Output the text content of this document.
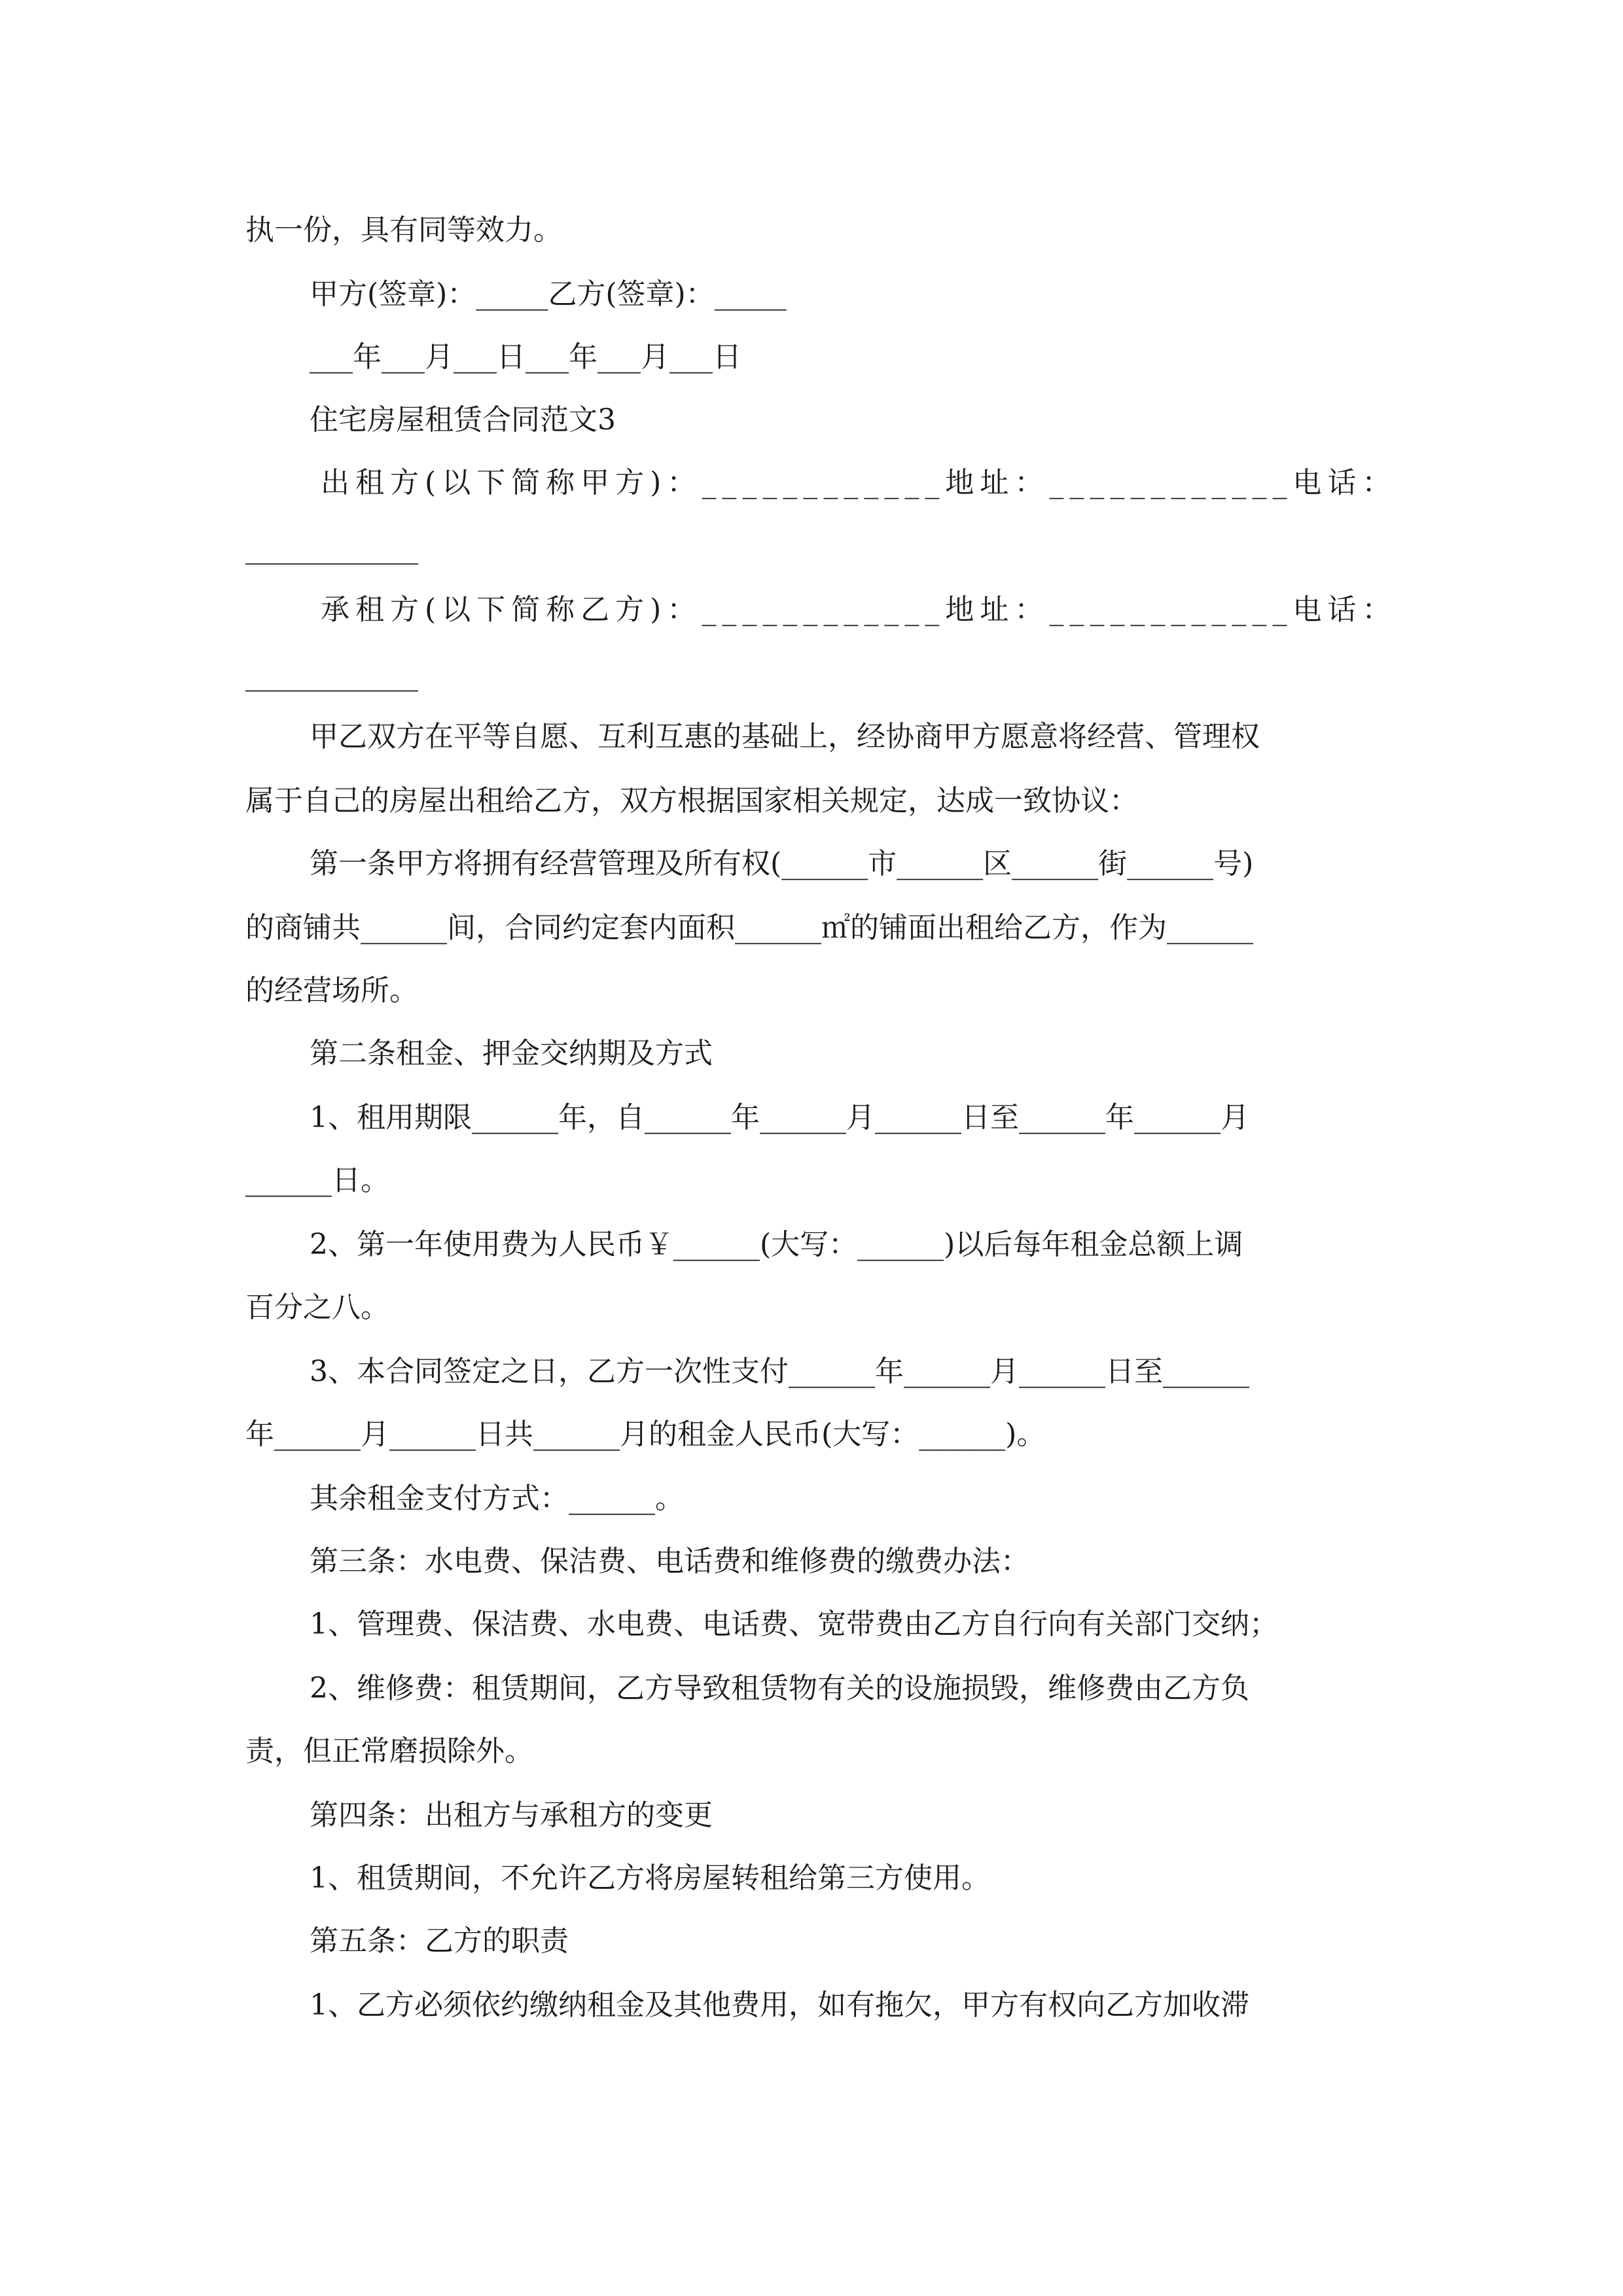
执一份，具有同等效力。
甲方(签章)：_____乙方(签章)：_____
___年___月___日___年___月___日
住宅房屋租赁合同范文3
出租方(以下简称甲方)：____________地址：____________电话：
____________
承租方(以下简称乙方)：____________地址：____________电话：
____________
甲乙双方在平等自愿、互利互惠的基础上，经协商甲方愿意将经营、管理权
属于自己的房屋出租给乙方，双方根据国家相关规定，达成一致协议：
第一条甲方将拥有经营管理及所有权(______市______区______街______号)
的商铺共______间，合同约定套内面积______㎡的铺面出租给乙方，作为______
的经营场所。
第二条租金、押金交纳期及方式
1、租用期限______年，自______年______月______日至______年______月
______日。
2、第一年使用费为人民币￥______(大写：______)以后每年租金总额上调
百分之八。
3、本合同签定之日，乙方一次性支付______年______月______日至______
年______月______日共______月的租金人民币(大写：______)。
其余租金支付方式：______。
第三条：水电费、保洁费、电话费和维修费的缴费办法：
1、管理费、保洁费、水电费、电话费、宽带费由乙方自行向有关部门交纳；
2、维修费：租赁期间，乙方导致租赁物有关的设施损毁，维修费由乙方负
责，但正常磨损除外。
第四条：出租方与承租方的变更
1、租赁期间，不允许乙方将房屋转租给第三方使用。
第五条：乙方的职责
1、乙方必须依约缴纳租金及其他费用，如有拖欠，甲方有权向乙方加收滞
